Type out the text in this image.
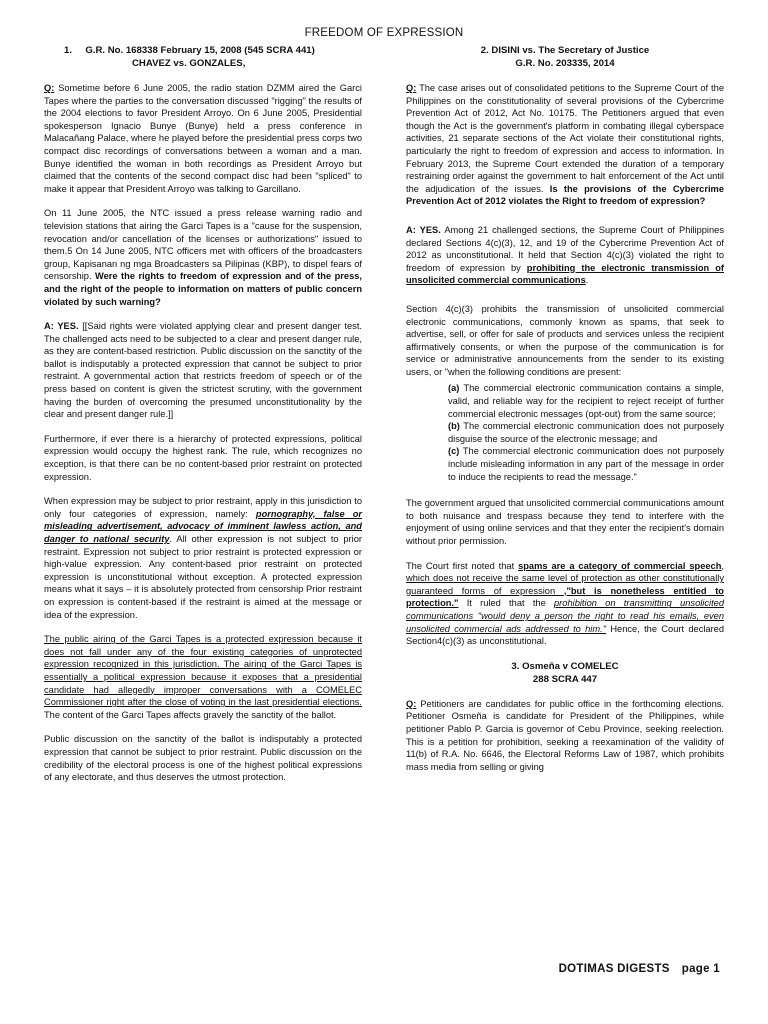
FREEDOM OF EXPRESSION
1.     G.R. No. 168338 February 15, 2008 (545 SCRA 441)
CHAVEZ vs. GONZALES,

Q: Sometime before 6 June 2005, the radio station DZMM aired the Garci Tapes where the parties to the conversation discussed "rigging" the results of the 2004 elections to favor President Arroyo. On 6 June 2005, Presidential spokesperson Ignacio Bunye (Bunye) held a press conference in Malacañang Palace, where he played before the presidential press corps two compact disc recordings of conversations between a woman and a man. Bunye identified the woman in both recordings as President Arroyo but claimed that the contents of the second compact disc had been "spliced" to make it appear that President Arroyo was talking to Garcillano.

On 11 June 2005, the NTC issued a press release warning radio and television stations that airing the Garci Tapes is a "cause for the suspension, revocation and/or cancellation of the licenses or authorizations" issued to them.5 On 14 June 2005, NTC officers met with officers of the broadcasters group, Kapisanan ng mga Broadcasters sa Pilipinas (KBP), to dispel fears of censorship. Were the rights to freedom of expression and of the press, and the right of the people to information on matters of public concern violated by such warning?

A: YES. [[Said rights were violated applying clear and present danger test. The challenged acts need to be subjected to a clear and present danger rule, as they are content-based restriction. Public discussion on the sanctity of the ballot is indisputably a protected expression that cannot be subject to prior restraint. A governmental action that restricts freedom of speech or of the press based on content is given the strictest scrutiny, with the government having the burden of overcoming the presumed unconstitutionality by the clear and present danger rule.]]

Furthermore, if ever there is a hierarchy of protected expressions, political expression would occupy the highest rank. The rule, which recognizes no exception, is that there can be no content-based prior restraint on protected expression.

When expression may be subject to prior restraint, apply in this jurisdiction to only four categories of expression, namely: pornography, false or misleading advertisement, advocacy of imminent lawless action, and danger to national security. All other expression is not subject to prior restraint. Expression not subject to prior restraint is protected expression or high-value expression. Any content-based prior restraint on protected expression is unconstitutional without exception. A protected expression means what it says – it is absolutely protected from censorship Prior restraint on expression is content-based if the restraint is aimed at the message or idea of the expression.

The public airing of the Garci Tapes is a protected expression because it does not fall under any of the four existing categories of unprotected expression recognized in this jurisdiction. The airing of the Garci Tapes is essentially a political expression because it exposes that a presidential candidate had allegedly improper conversations with a COMELEC Commissioner right after the close of voting in the last presidential elections. The content of the Garci Tapes affects gravely the sanctity of the ballot.

Public discussion on the sanctity of the ballot is indisputably a protected expression that cannot be subject to prior restraint. Public discussion on the credibility of the electoral process is one of the highest political expressions of any electorate, and thus deserves the utmost protection.

2. DISINI vs. The Secretary of Justice
G.R. No. 203335, 2014

Q: The case arises out of consolidated petitions to the Supreme Court of the Philippines on the constitutionality of several provisions of the Cybercrime Prevention Act of 2012, Act No. 10175. The Petitioners argued that even though the Act is the government's platform in combating illegal cyberspace activities, 21 separate sections of the Act violate their constitutional rights, particularly the right to freedom of expression and access to information. In February 2013, the Supreme Court extended the duration of a temporary restraining order against the government to halt enforcement of the Act until the adjudication of the issues. Is the provisions of the Cybercrime Prevention Act of 2012 violates the Right to freedom of expression?

A: YES. Among 21 challenged sections, the Supreme Court of Philippines declared Sections 4(c)(3), 12, and 19 of the Cybercrime Prevention Act of 2012 as unconstitutional. It held that Section 4(c)(3) violated the right to freedom of expression by prohibiting the electronic transmission of unsolicited commercial communications.

Section 4(c)(3) prohibits the transmission of unsolicited commercial electronic communications, commonly known as spams, that seek to advertise, sell, or offer for sale of products and services unless the recipient affirmatively consents, or when the purpose of the communication is for service or administrative announcements from the sender to its existing users, or "when the following conditions are present:

(a) The commercial electronic communication contains a simple, valid, and reliable way for the recipient to reject receipt of further commercial electronic messages (opt-out) from the same source;
(b) The commercial electronic communication does not purposely disguise the source of the electronic message; and
(c) The commercial electronic communication does not purposely include misleading information in any part of the message in order to induce the recipients to read the message."

The government argued that unsolicited commercial communications amount to both nuisance and trespass because they tend to interfere with the enjoyment of using online services and that they enter the recipient's domain without prior permission.

The Court first noted that spams are a category of commercial speech, which does not receive the same level of protection as other constitutionally guaranteed forms of expression ,"but is nonetheless entitled to protection." It ruled that the prohibition on transmitting unsolicited communications "would deny a person the right to read his emails, even unsolicited commercial ads addressed to him." Hence, the Court declared Section4(c)(3) as unconstitutional.

3. Osmeña v COMELEC
288 SCRA 447

Q: Petitioners are candidates for public office in the forthcoming elections. Petitioner Osmeña is candidate for President of the Philippines, while petitioner Pablo P. Garcia is governor of Cebu Province, seeking reelection. This is a petition for prohibition, seeking a reexamination of the validity of 11(b) of R.A. No. 6646, the Electoral Reforms Law of 1987, which prohibits mass media from selling or giving

DOTIMAS DIGESTS page 1
